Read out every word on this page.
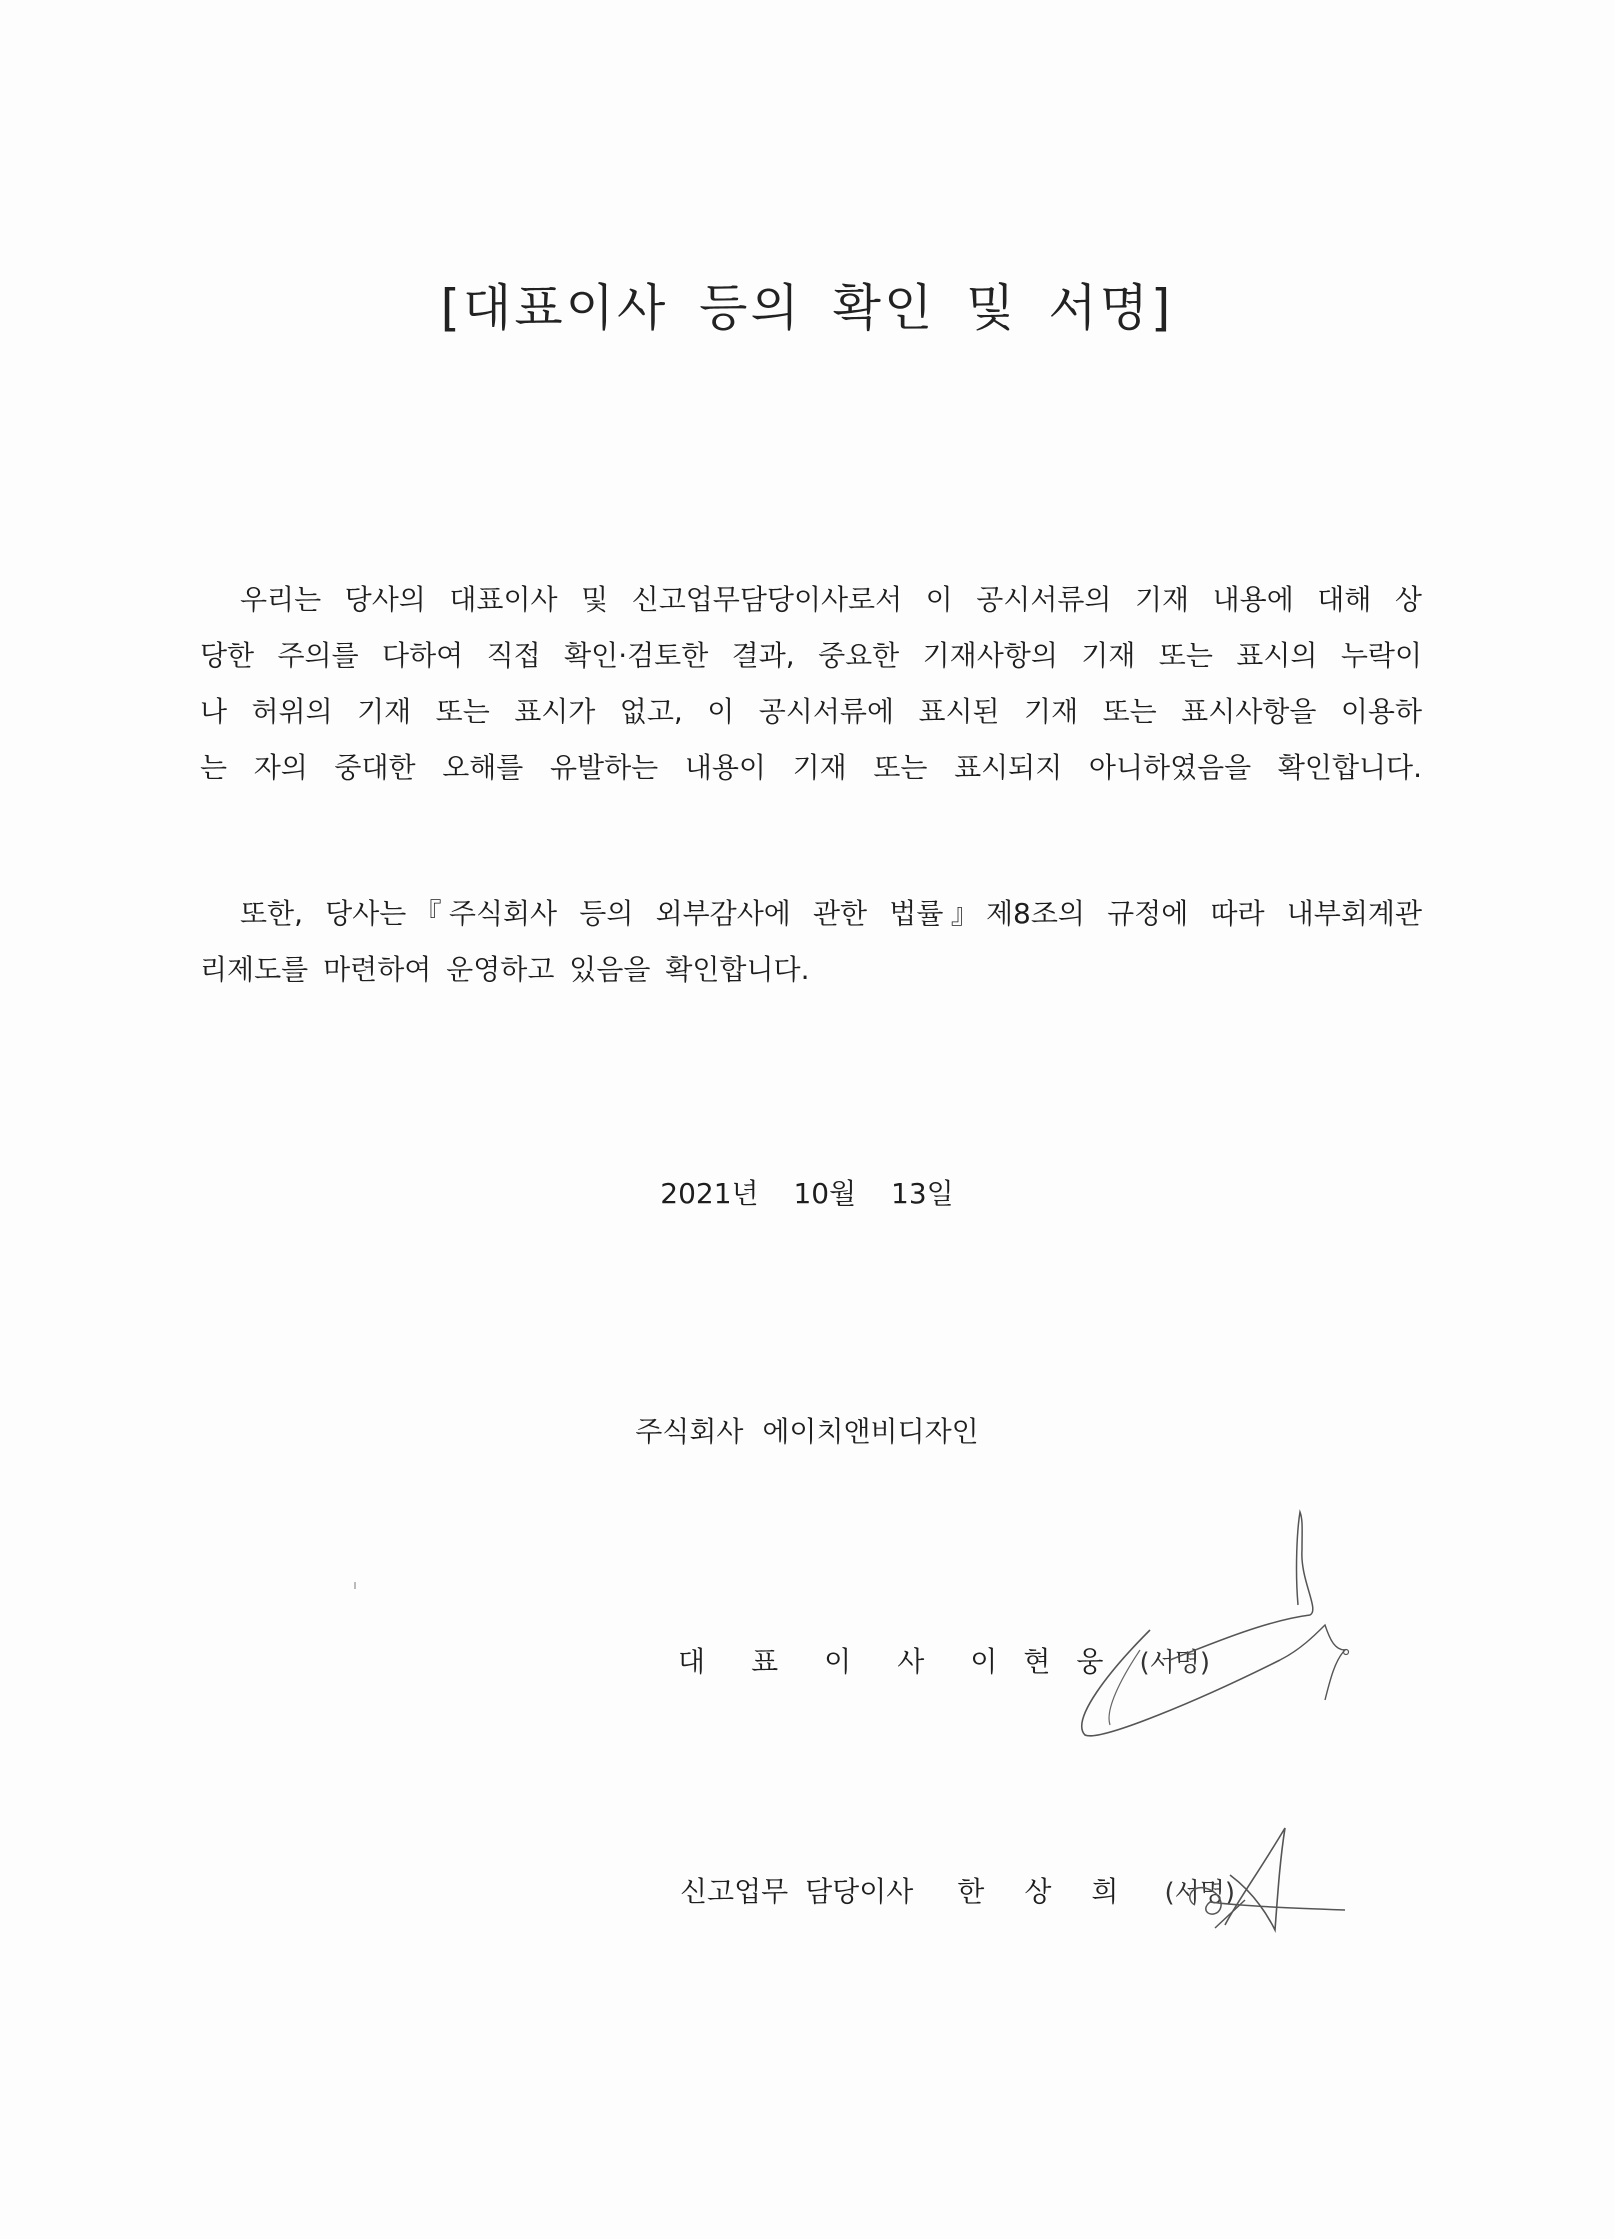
[대표이사 등의 확인 및 서명]
우리는 당사의 대표이사 및 신고업무담당이사로서 이 공시서류의 기재 내용에 대해 상
당한 주의를 다하여 직접 확인·검토한 결과, 중요한 기재사항의 기재 또는 표시의 누락이
나 허위의 기재 또는 표시가 없고, 이 공시서류에 표시된 기재 또는 표시사항을 이용하
는 자의 중대한 오해를 유발하는 내용이 기재 또는 표시되지 아니하였음을 확인합니다.
또한, 당사는『주식회사 등의 외부감사에 관한 법률』제8조의 규정에 따라 내부회계관
리제도를 마련하여 운영하고 있음을 확인합니다.
2021년 10월 13일
주식회사 에이치앤비디자인
대 표 이 사	이 현 웅	(서명)
신고업무 담당이사 한 상 희	(서명)
